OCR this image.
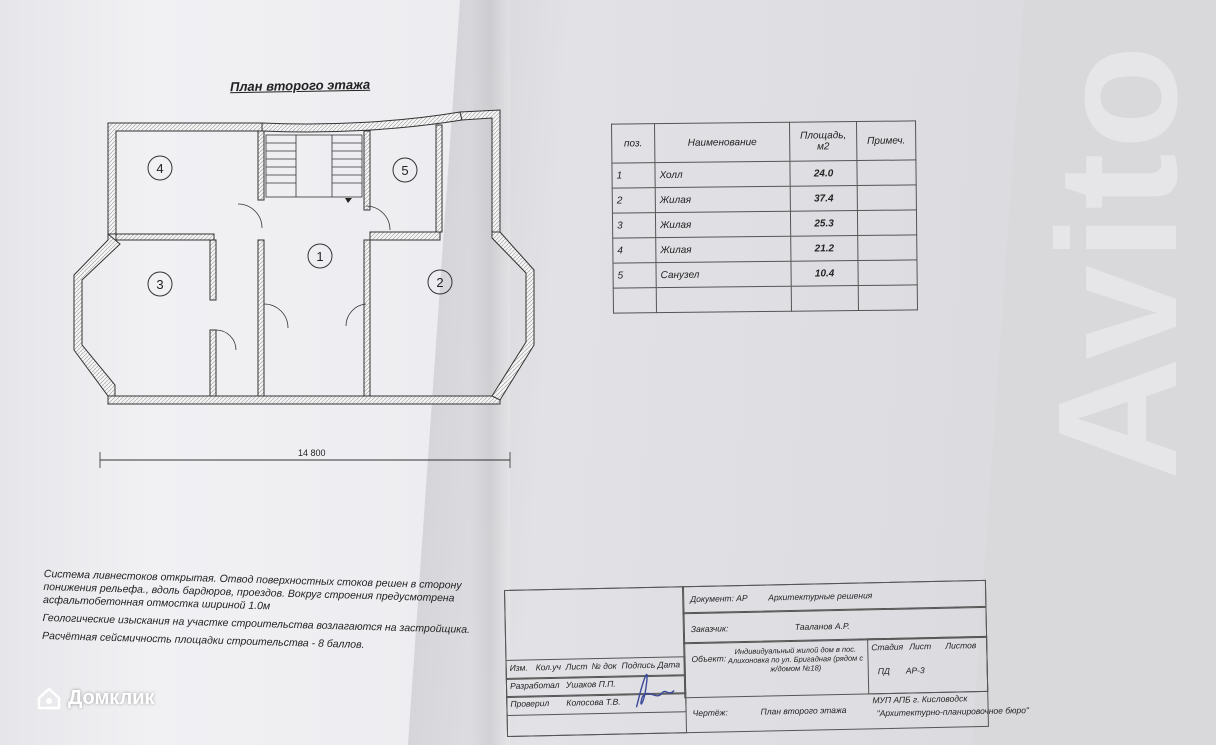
Avito
План второго этажа
4	5
1
3	2
14 800
поз.	Наименование	Площадь, м2	Примеч.
1	Холл	24.0	
2	Жилая	37.4	
3	Жилая	25.3	
4	Жилая	21.2	
5	Санузел	10.4	

Система ливнестоков открытая. Отвод поверхностных стоков решен в сторону понижения рельефа., вдоль бардюров, проездов. Вокруг строения предусмотрена асфальтобетонная отмостка шириной 1.0м

Геологические изыскания на участке строительства возлагаются на застройщика.

Расчётная сейсмичность площадки строительства - 8 баллов.

Изм. Кол.уч Лист № док Подпись Дата
Разработал Ушаков П.П.
Проверил Колосова Т.В.
Документ: АР Архитектурные решения
Заказчик:	Тааланов А.Р.
Объект:
Индивидуальный жилой дом в пос. Алихоновка по ул. Бригадная (рядом с ж/домом №18)
Стадия Лист Листов
ПД АР-3
Чертёж:	План второго этажа
МУП АПБ г. Кисловодск
"Архитектурно-планировочное бюро"
Домклик
